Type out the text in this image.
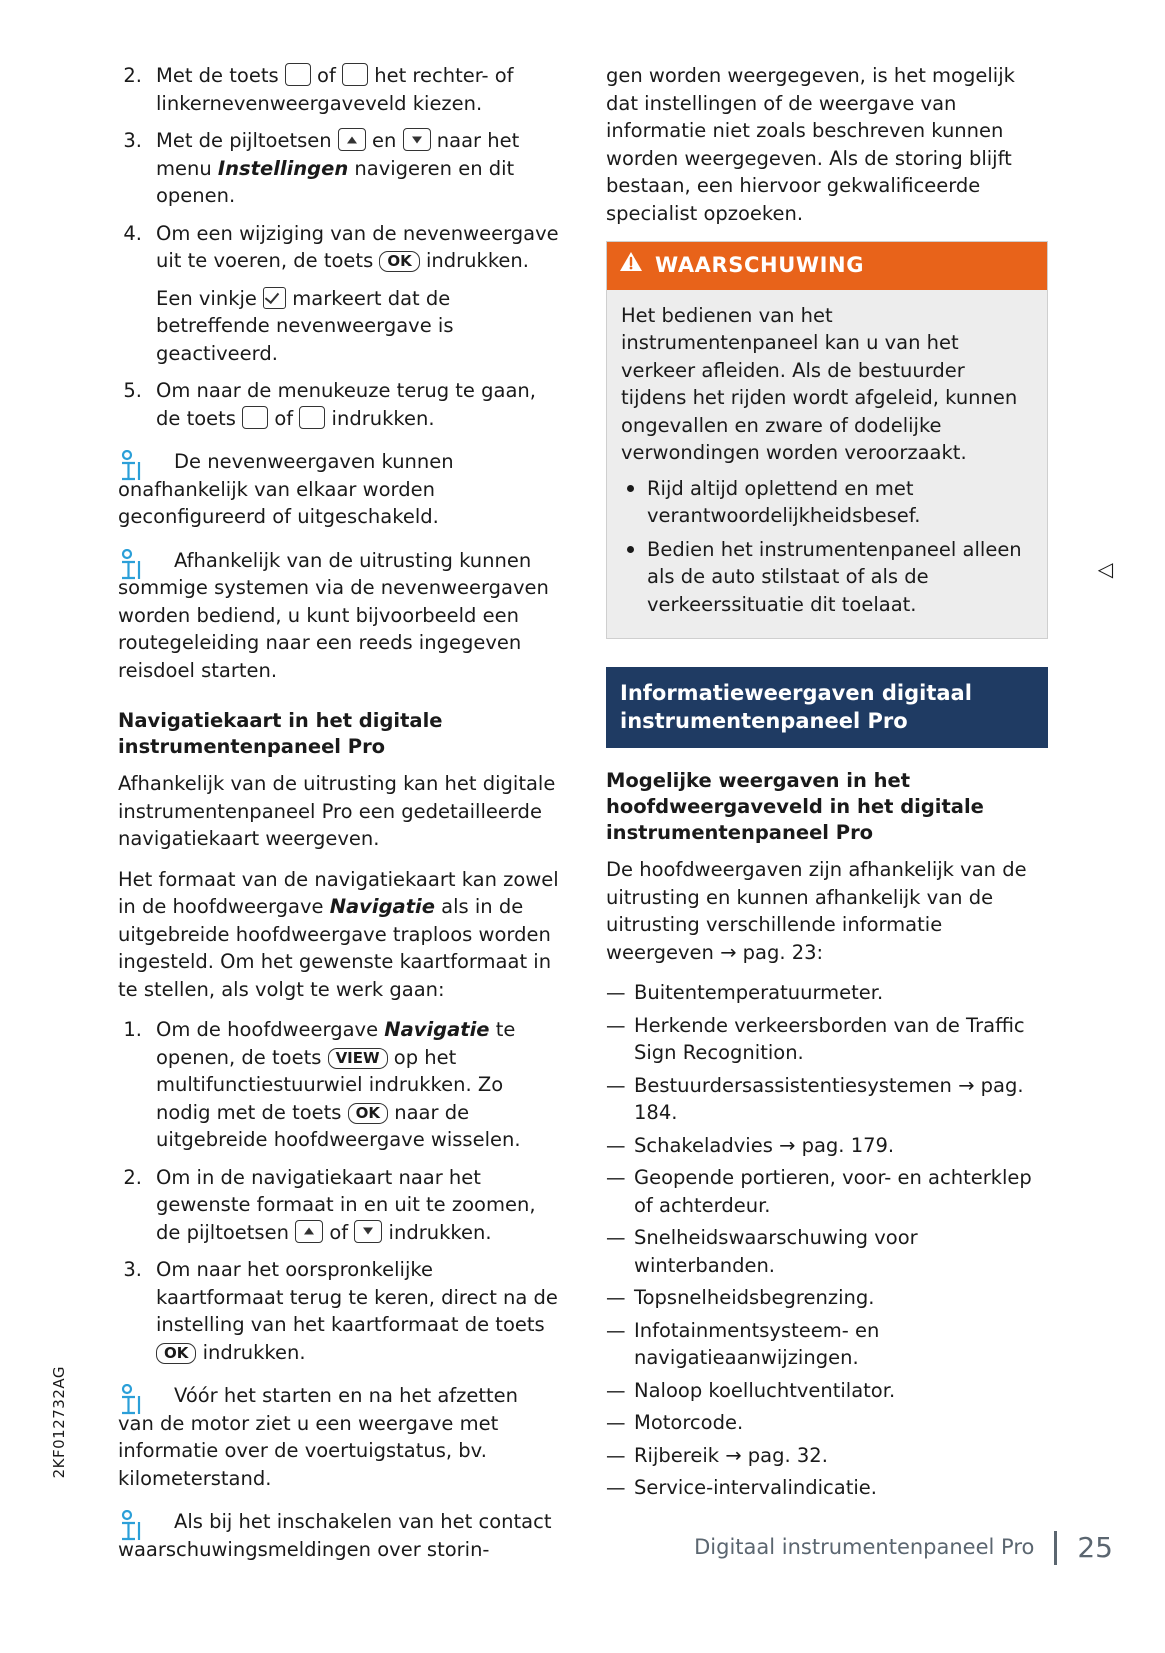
2KF012732AG
◁
2. Met de toets  of  het rechter- of linkernevenweergaveveld kiezen.
3. Met de pijltoetsen  en  naar het menu Instellingen navigeren en dit openen.
4. Om een wijziging van de nevenweergave uit te voeren, de toets OK indrukken.
Een vinkje  markeert dat de betreffende nevenweergave is geactiveerd.
5. Om naar de menukeuze terug te gaan, de toets  of  indrukken.
De nevenweergaven kunnen onafhankelijk van elkaar worden geconfigureerd of uitgeschakeld.
Afhankelijk van de uitrusting kunnen sommige systemen via de nevenweergaven worden bediend, u kunt bijvoorbeeld een routegeleiding naar een reeds ingegeven reisdoel starten.
Navigatiekaart in het digitale instrumentenpaneel Pro

Afhankelijk van de uitrusting kan het digitale instrumentenpaneel Pro een gedetailleerde navigatiekaart weergeven.

Het formaat van de navigatiekaart kan zowel in de hoofdweergave Navigatie als in de uitgebreide hoofdweergave traploos worden ingesteld. Om het gewenste kaartformaat in te stellen, als volgt te werk gaan:

1. Om de hoofdweergave Navigatie te openen, de toets VIEW op het multifunctiestuurwiel indrukken. Zo nodig met de toets OK naar de uitgebreide hoofdweergave wisselen.
2. Om in de navigatiekaart naar het gewenste formaat in en uit te zoomen, de pijltoetsen  of  indrukken.
3. Om naar het oorspronkelijke kaartformaat terug te keren, direct na de instelling van het kaartformaat de toets OK indrukken.
Vóór het starten en na het afzetten van de motor ziet u een weergave met informatie over de voertuigstatus, bv. kilometerstand.
Als bij het inschakelen van het contact waarschuwingsmeldingen over storin-

gen worden weergegeven, is het mogelijk dat instellingen of de weergave van informatie niet zoals beschreven kunnen worden weergegeven. Als de storing blijft bestaan, een hiervoor gekwalificeerde specialist opzoeken.

WAARSCHUWING

Het bedienen van het instrumentenpaneel kan u van het verkeer afleiden. Als de bestuurder tijdens het rijden wordt afgeleid, kunnen ongevallen en zware of dodelijke verwondingen worden veroorzaakt.

Rijd altijd oplettend en met verantwoordelijkheidsbesef.
Bedien het instrumentenpaneel alleen als de auto stilstaat of als de verkeerssituatie dit toelaat.
Informatieweergaven digitaal instrumentenpaneel Pro
Mogelijke weergaven in het hoofdweergaveveld in het digitale instrumentenpaneel Pro

De hoofdweergaven zijn afhankelijk van de uitrusting en kunnen afhankelijk van de uitrusting verschillende informatie weergeven → pag. 23:

— Buitentemperatuurmeter.
— Herkende verkeersborden van de Traffic Sign Recognition.
— Bestuurdersassistentiesystemen → pag. 184.
— Schakeladvies → pag. 179.
— Geopende portieren, voor- en achterklep of achterdeur.
— Snelheidswaarschuwing voor winterbanden.
— Topsnelheidsbegrenzing.
— Infotainmentsysteem- en navigatieaanwijzingen.
— Naloop koelluchtventilator.
— Motorcode.
— Rijbereik → pag. 32.
— Service-intervalindicatie.
Digitaal instrumentenpaneel Pro 25
